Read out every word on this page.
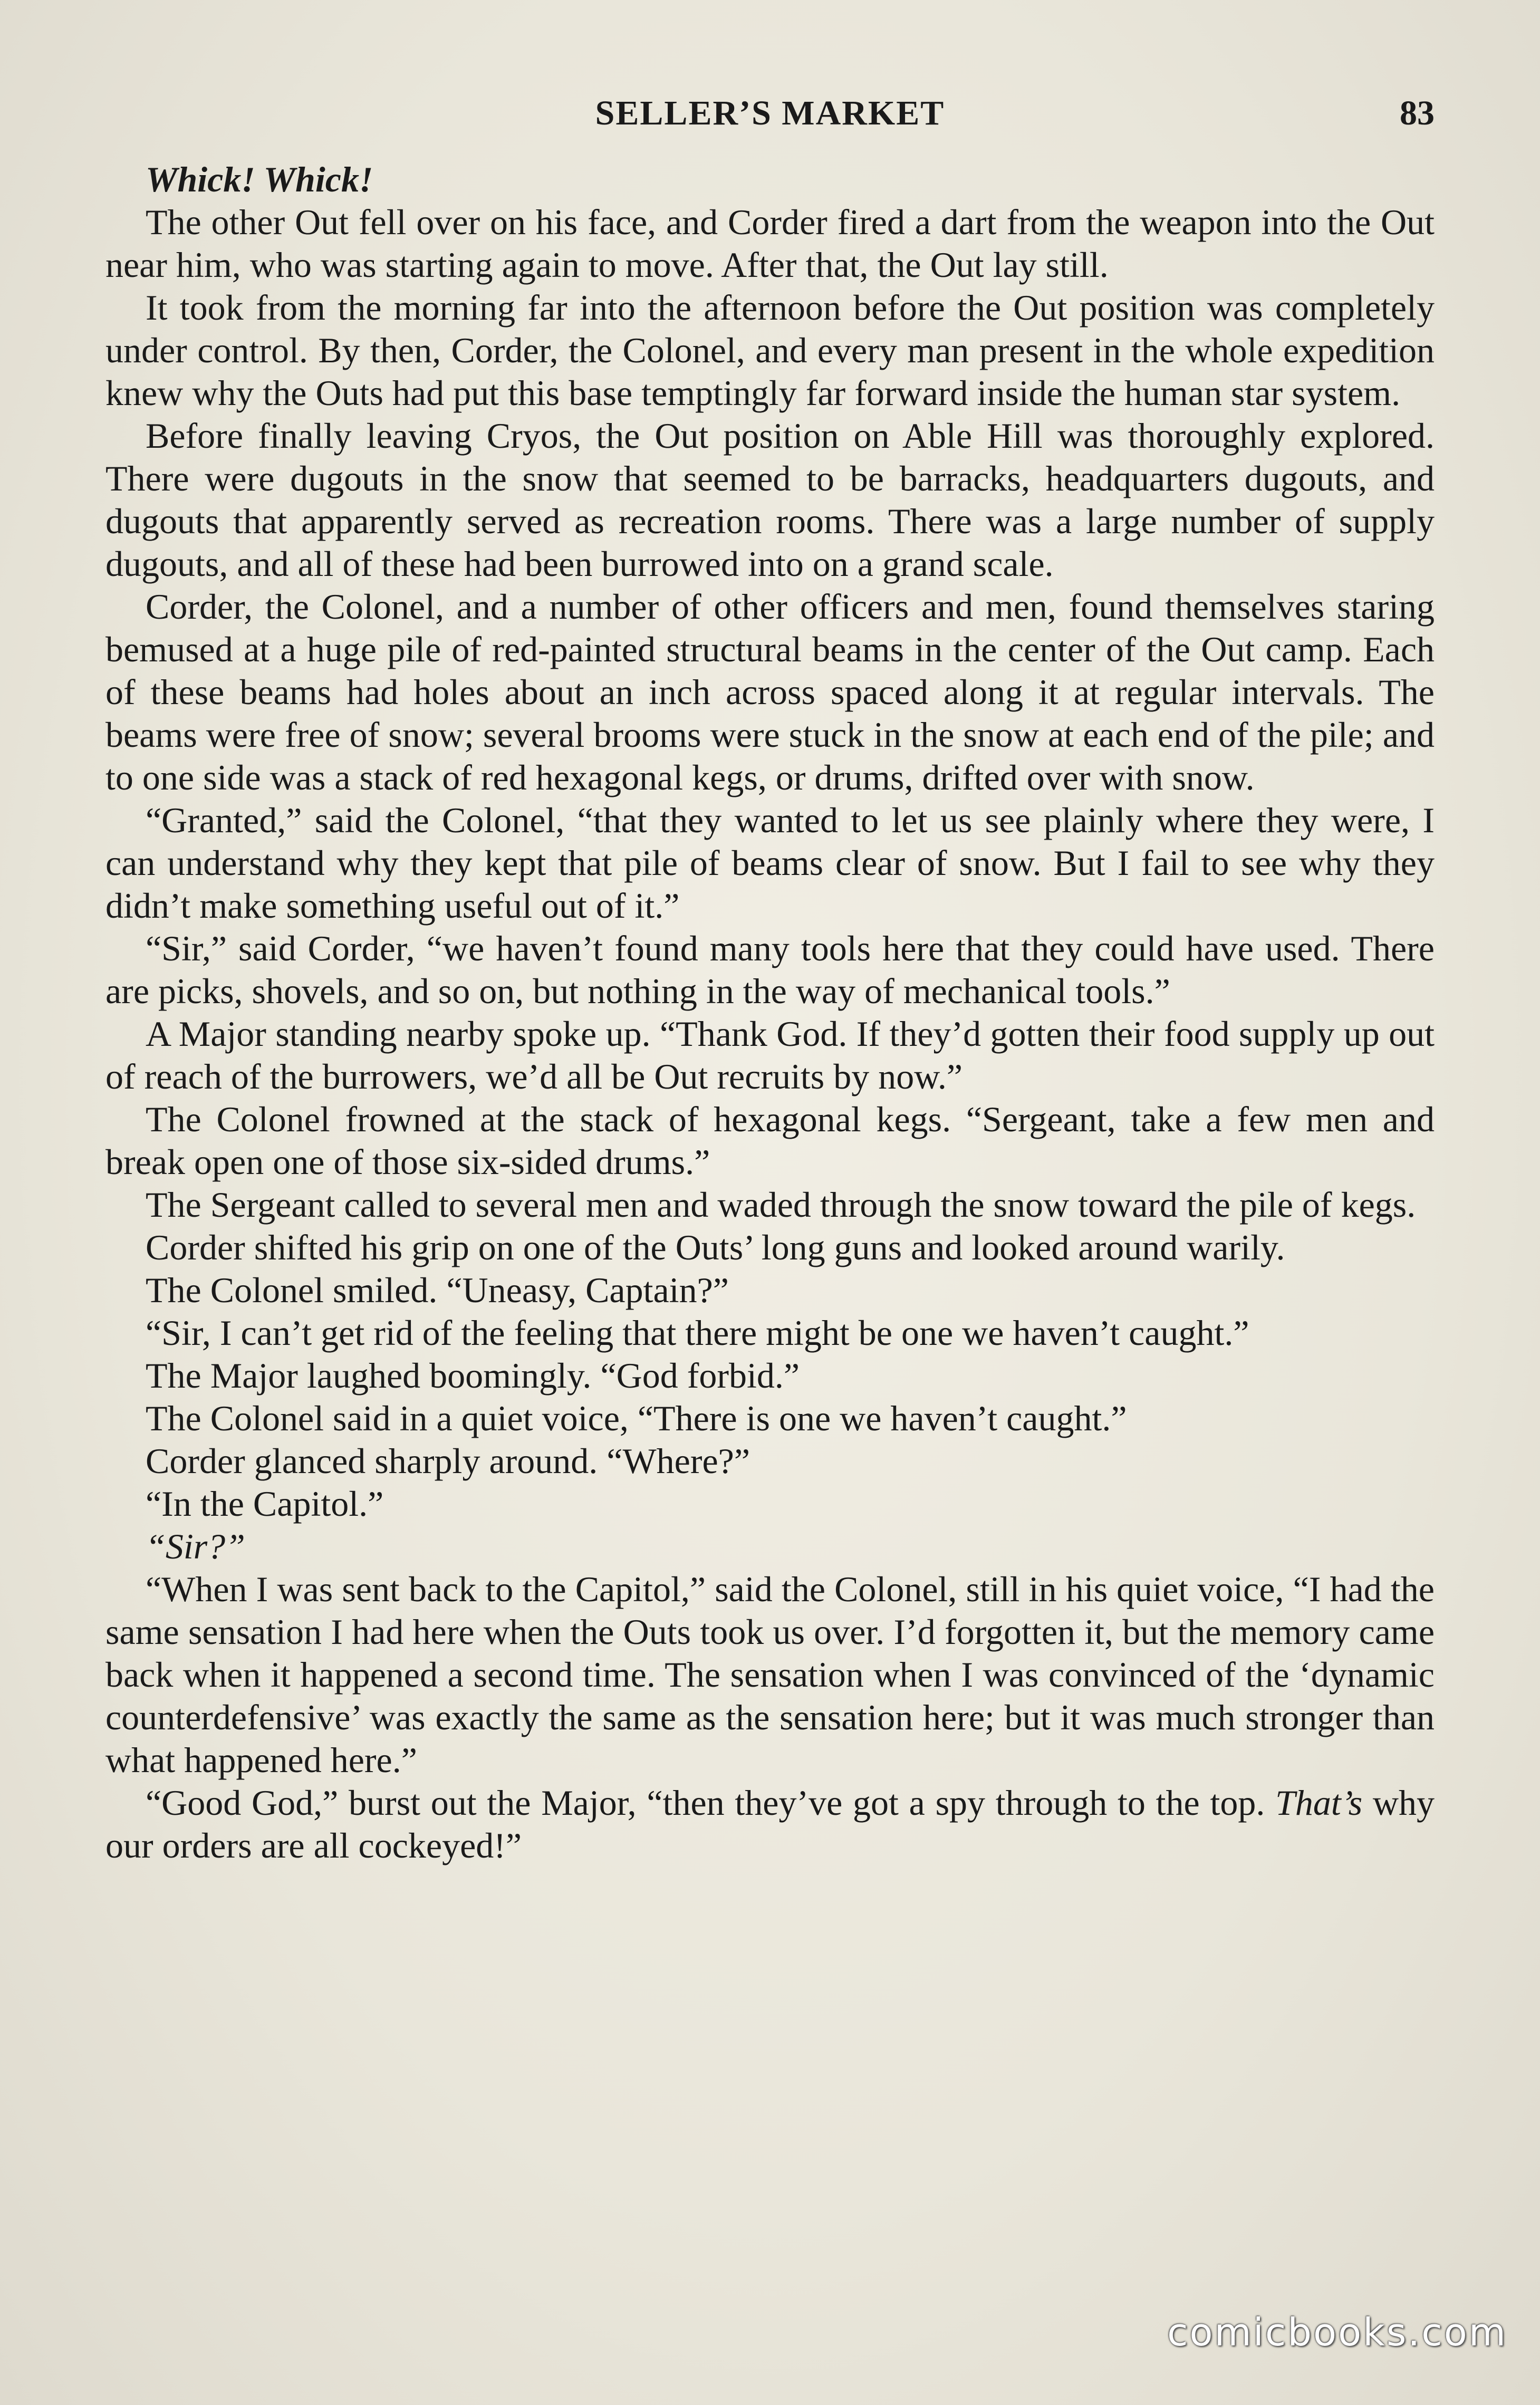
SELLER’S MARKET	83

Whick! Whick!

The other Out fell over on his face, and Corder fired a dart from the weapon into the Out near him, who was starting again to move. After that, the Out lay still.

It took from the morning far into the afternoon before the Out position was completely under control. By then, Corder, the Colonel, and every man present in the whole expedition knew why the Outs had put this base temptingly far forward inside the human star system.

Before finally leaving Cryos, the Out position on Able Hill was thoroughly explored. There were dugouts in the snow that seemed to be barracks, headquarters dugouts, and dugouts that apparently served as recreation rooms. There was a large number of supply dugouts, and all of these had been burrowed into on a grand scale.

Corder, the Colonel, and a number of other officers and men, found themselves staring bemused at a huge pile of red-painted structural beams in the center of the Out camp. Each of these beams had holes about an inch across spaced along it at regular intervals. The beams were free of snow; several brooms were stuck in the snow at each end of the pile; and to one side was a stack of red hexagonal kegs, or drums, drifted over with snow.

“Granted,” said the Colonel, “that they wanted to let us see plainly where they were, I can understand why they kept that pile of beams clear of snow. But I fail to see why they didn’t make something useful out of it.”

“Sir,” said Corder, “we haven’t found many tools here that they could have used. There are picks, shovels, and so on, but nothing in the way of mechanical tools.”

A Major standing nearby spoke up. “Thank God. If they’d gotten their food supply up out of reach of the burrowers, we’d all be Out recruits by now.”

The Colonel frowned at the stack of hexagonal kegs. “Sergeant, take a few men and break open one of those six-sided drums.”

The Sergeant called to several men and waded through the snow toward the pile of kegs.

Corder shifted his grip on one of the Outs’ long guns and looked around warily.

The Colonel smiled. “Uneasy, Captain?”

“Sir, I can’t get rid of the feeling that there might be one we haven’t caught.”

The Major laughed boomingly. “God forbid.”

The Colonel said in a quiet voice, “There is one we haven’t caught.”

Corder glanced sharply around. “Where?”

“In the Capitol.”

“Sir?”

“When I was sent back to the Capitol,” said the Colonel, still in his quiet voice, “I had the same sensation I had here when the Outs took us over. I’d forgotten it, but the memory came back when it happened a second time. The sensation when I was convinced of the ‘dynamic counterdefensive’ was exactly the same as the sensation here; but it was much stronger than what happened here.”

“Good God,” burst out the Major, “then they’ve got a spy through to the top. That’s why our orders are all cockeyed!”

comicbooks.com
